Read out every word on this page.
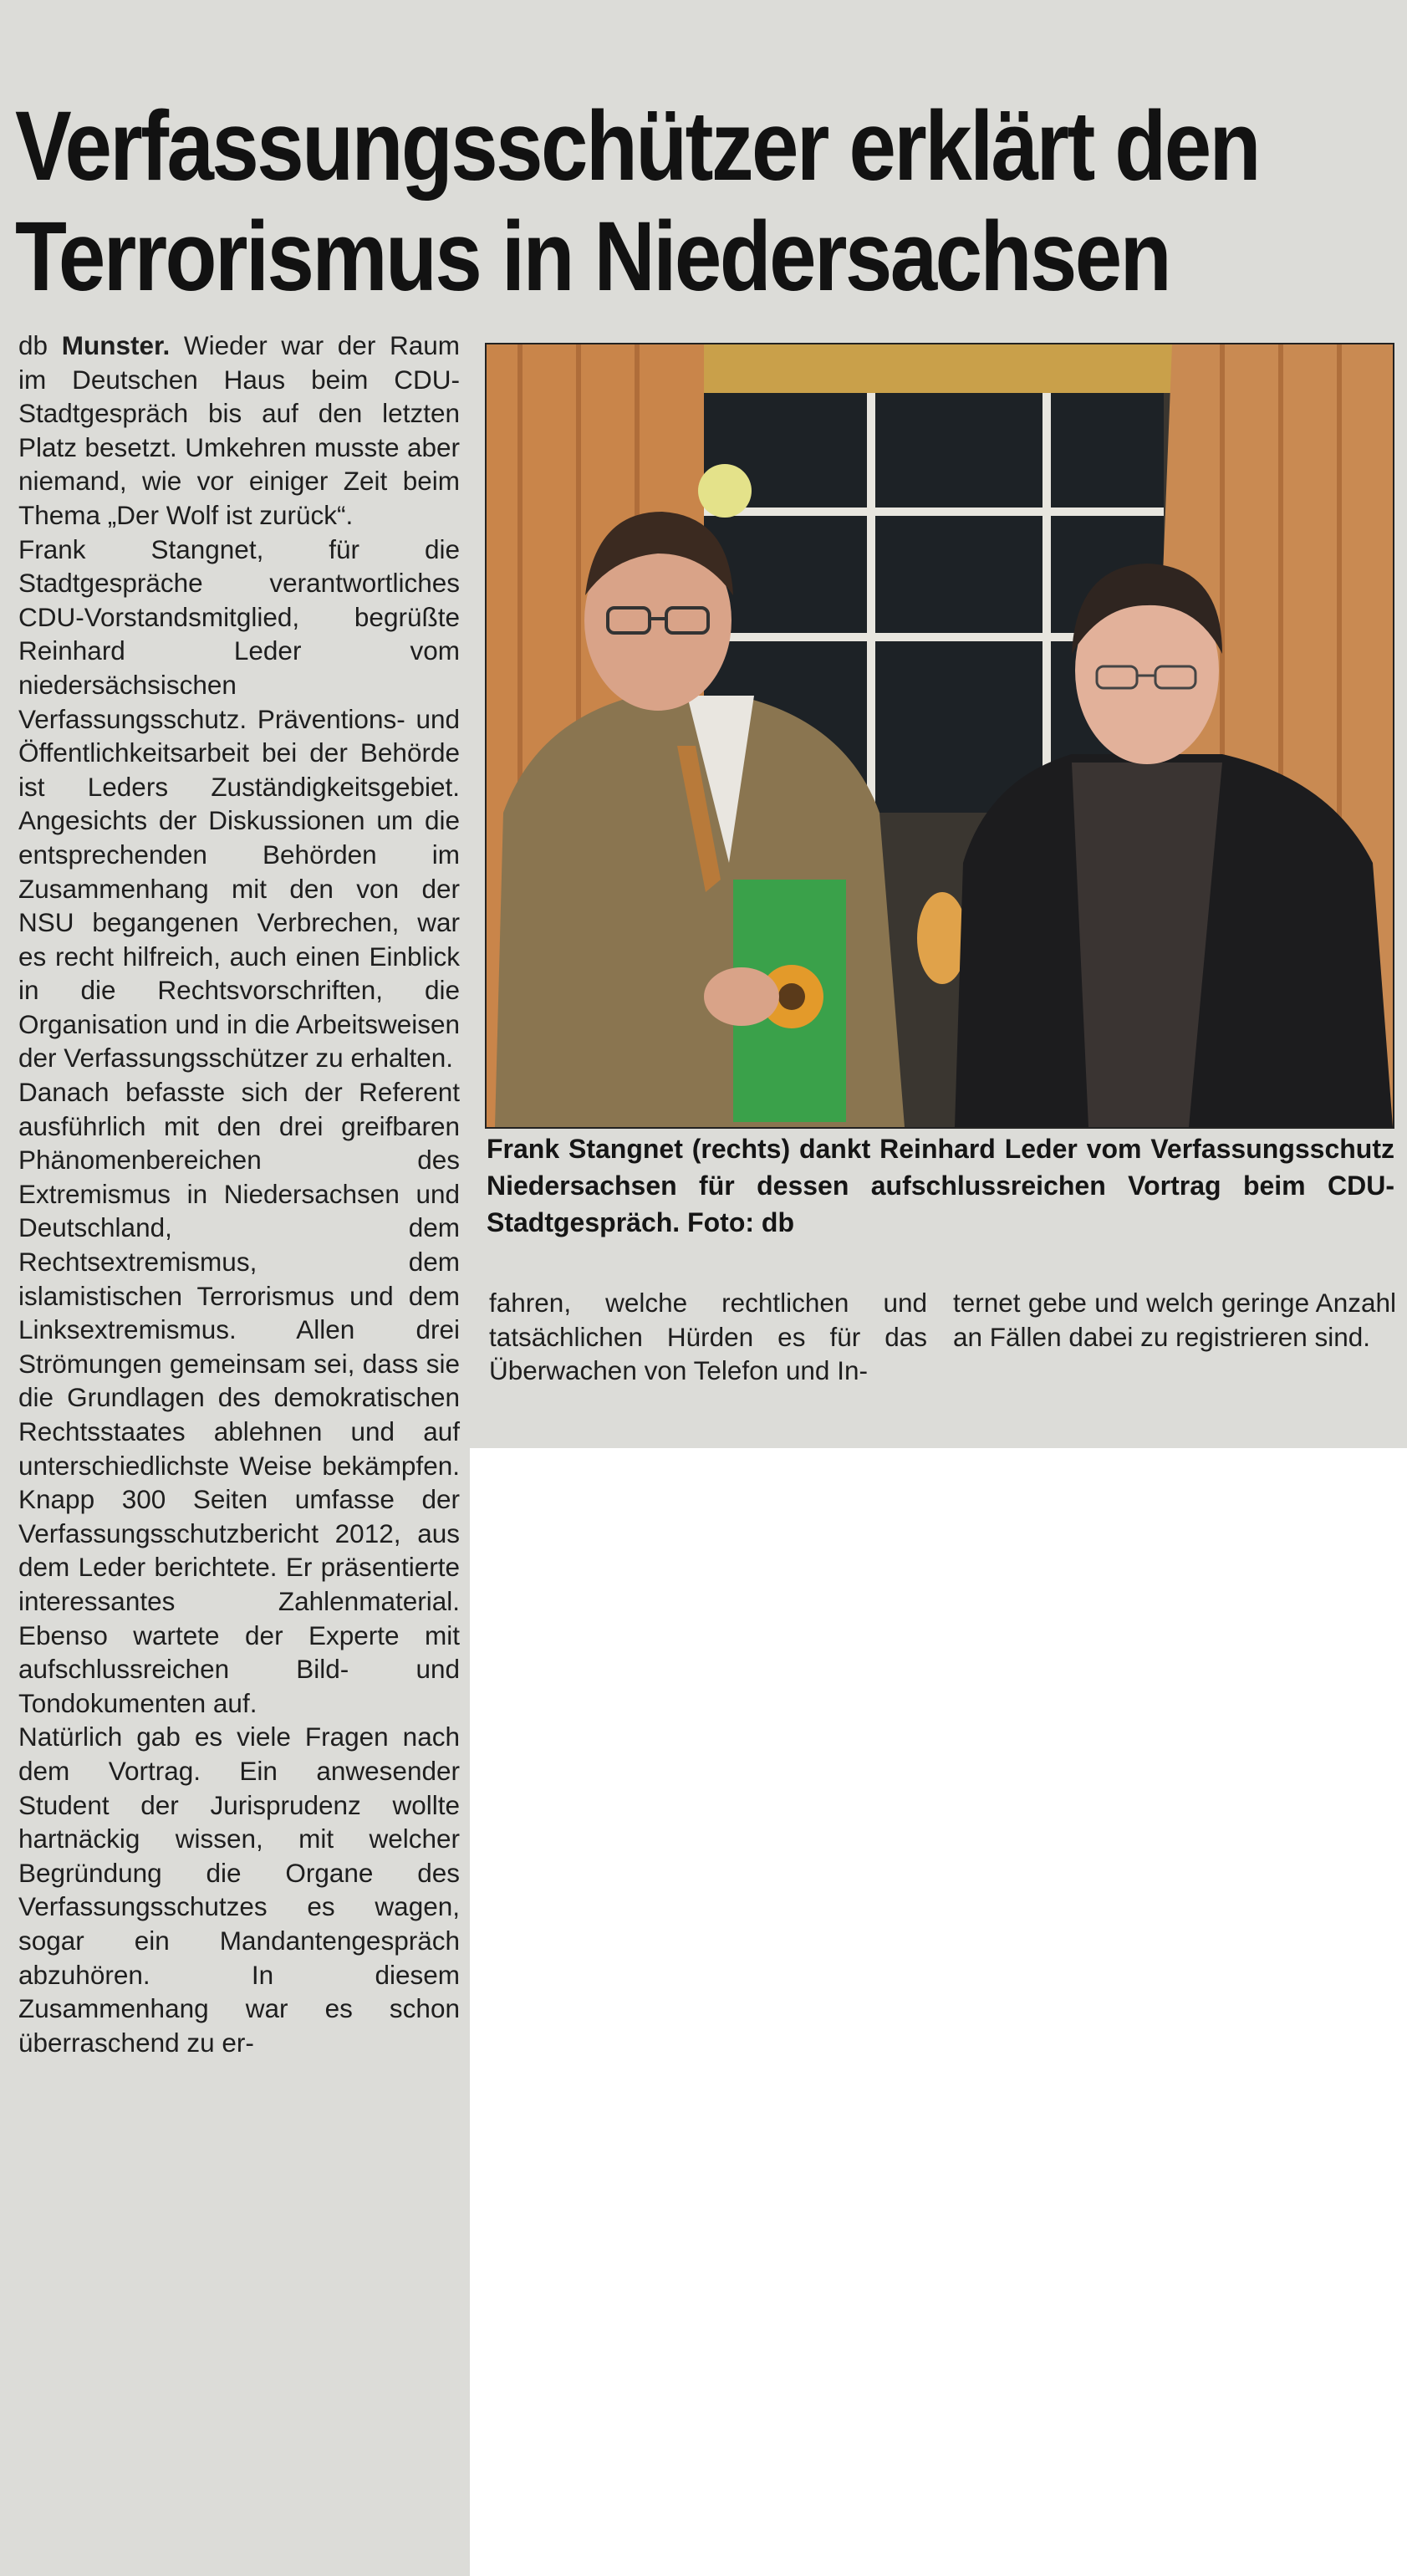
Verfassungsschützer erklärt den
Terrorismus in Niedersachsen

db Munster. Wieder war der Raum im Deutschen Haus beim CDU-Stadtgespräch bis auf den letzten Platz besetzt. Umkehren musste aber niemand, wie vor einiger Zeit beim Thema „Der Wolf ist zurück“.

Frank Stangnet, für die Stadtgespräche verantwortliches CDU-Vorstandsmitglied, begrüßte Reinhard Leder vom niedersächsischen Verfassungsschutz. Präventions- und Öffentlichkeitsarbeit bei der Behörde ist Leders Zuständigkeitsgebiet. Angesichts der Diskussionen um die entsprechenden Behörden im Zusammenhang mit den von der NSU begangenen Verbrechen, war es recht hilfreich, auch einen Einblick in die Rechtsvorschriften, die Organisation und in die Arbeitsweisen der Verfassungsschützer zu erhalten.

Danach befasste sich der Referent ausführlich mit den drei greifbaren Phänomenbereichen des Extremismus in Niedersachsen und Deutschland, dem Rechtsextremismus, dem islamistischen Terrorismus und dem Linksextremismus. Allen drei Strömungen gemeinsam sei, dass sie die Grundlagen des demokratischen Rechtsstaates ablehnen und auf unterschiedlichste Weise bekämpfen. Knapp 300 Seiten umfasse der Verfassungsschutzbericht 2012, aus dem Leder berichtete. Er präsentierte interessantes Zahlenmaterial. Ebenso wartete der Experte mit aufschlussreichen Bild- und Tondokumenten auf.

Natürlich gab es viele Fragen nach dem Vortrag. Ein anwesender Student der Jurisprudenz wollte hartnäckig wissen, mit welcher Begründung die Organe des Verfassungsschutzes es wagen, sogar ein Mandantengespräch abzuhören. In diesem Zusammenhang war es schon überraschend zu er-

Frank Stangnet (rechts) dankt Reinhard Leder vom Verfassungsschutz Niedersachsen für dessen aufschlussreichen Vortrag beim CDU-Stadtgespräch. Foto: db

fahren, welche rechtlichen und tatsächlichen Hürden es für das Überwachen von Telefon und In-

ternet gebe und welch geringe Anzahl an Fällen dabei zu registrieren sind.
